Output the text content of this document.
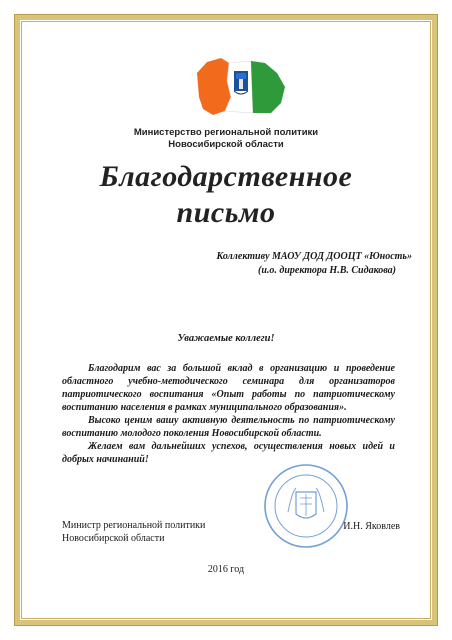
Министерство региональной политики
Новосибирской области
Благодарственное
письмо
Коллективу МАОУ ДОД ДООЦТ «Юность»
(и.о. директора Н.В. Сидакова)
Уважаемые коллеги!

Благодарим вас за большой вклад в организацию и проведение областного учебно-методического семинара для организаторов патриотического воспитания «Опыт работы по патриотическому воспитанию населения в рамках муниципального образования».

Высоко ценим вашу активную деятельность по патриотическому воспитанию молодого поколения Новосибирской области.

Желаем вам дальнейших успехов, осуществления новых идей и добрых начинаний!

Министр региональной политики
Новосибирской области
И.Н. Яковлев
2016 год
